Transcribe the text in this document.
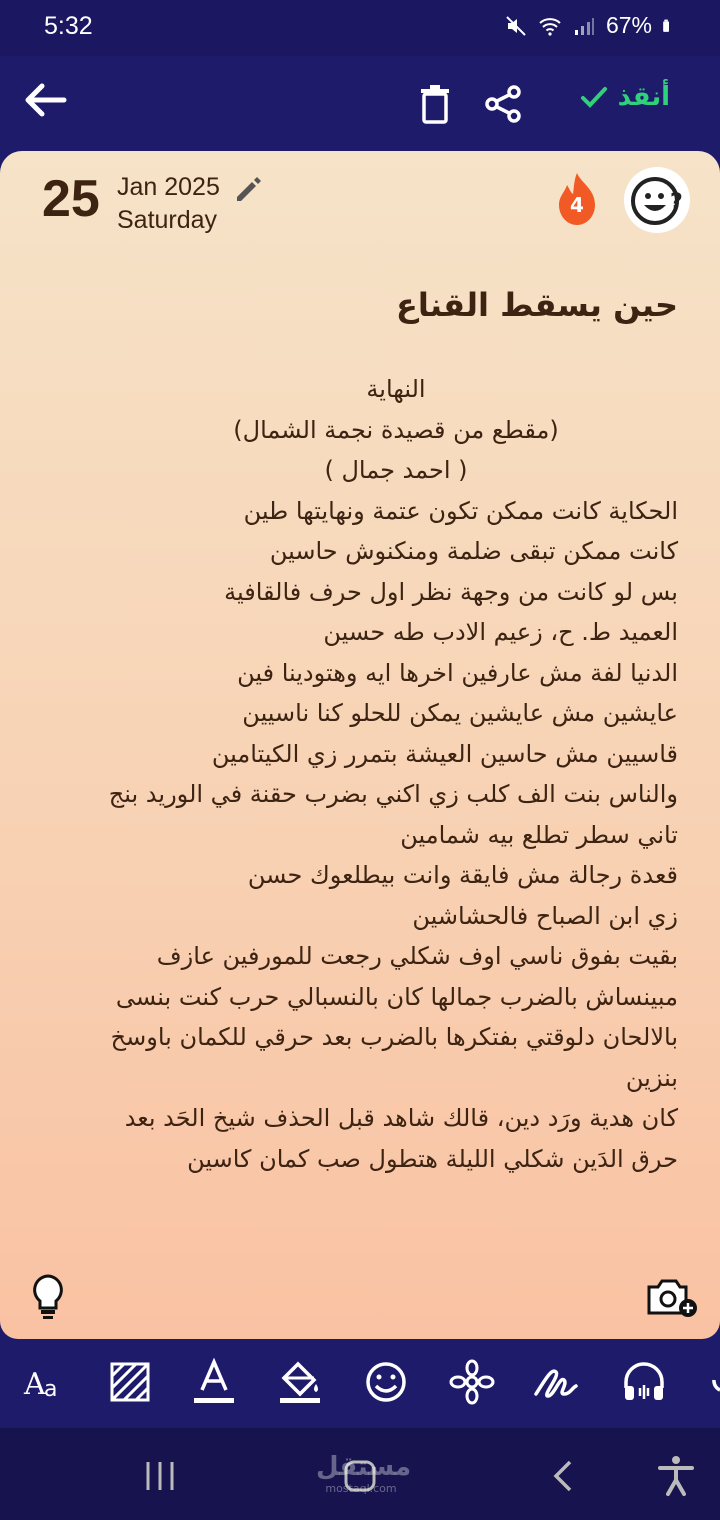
5:32	67%
أنقذ
25 Jan 2025
Saturday
4	?
حين يسقط القناع
النهاية
(مقطع من قصيدة نجمة الشمال)
( احمد جمال )
الحكاية كانت ممكن تكون عتمة ونهايتها طين
كانت ممكن تبقى ضلمة ومنكنوش حاسين
بس لو كانت من وجهة نظر اول حرف فالقافية
العميد ط. ح، زعيم الادب طه حسين
الدنيا لفة مش عارفين اخرها ايه وهتودينا فين
عايشين مش عايشين يمكن للحلو كنا ناسيين
قاسيين مش حاسين العيشة بتمرر زي الكيتامين
والناس بنت الف كلب زي اكني بضرب حقنة في الوريد بنج
تاني سطر تطلع بيه شمامين
قعدة رجالة مش فايقة وانت بيطلعوك حسن
زي ابن الصباح فالحشاشين
بقيت بفوق ناسي اوف شكلي رجعت للمورفين عازف
مبينساش بالضرب جمالها كان بالنسبالي حرب كنت بنسى
بالالحان دلوقتي بفتكرها بالضرب بعد حرقي للكمان باوسخ
بنزين
كان هدية ورَد دين، قالك شاهد قبل الحذف شيخ الحَد بعد
حرق الدَين شكلي الليلة هتطول صب كمان كاسين
A
a
مستقل
mostaql.com
